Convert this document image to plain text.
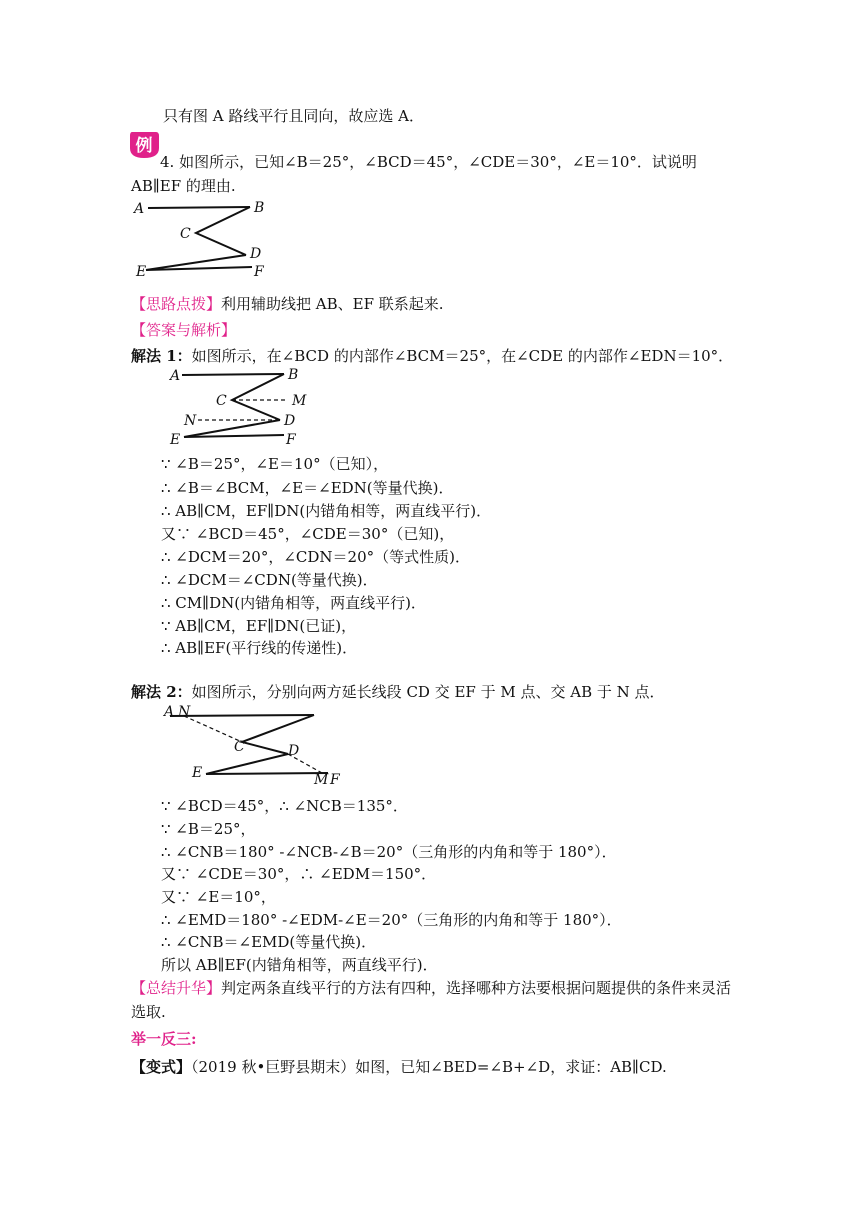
只有图 A 路线平行且同向，故应选 A．
例
4. 如图所示，已知∠B＝25°，∠BCD＝45°，∠CDE＝30°，∠E＝10°．试说明
AB∥EF 的理由.
A	B
C
D
E	F
【思路点拨】利用辅助线把 AB、EF 联系起来.
【答案与解析】
解法 1：如图所示，在∠BCD 的内部作∠BCM＝25°，在∠CDE 的内部作∠EDN＝10°．
A	B
C	M
N	D
E	F
∵ ∠B＝25°，∠E＝10°（已知），
∴ ∠B＝∠BCM，∠E＝∠EDN(等量代换)．
∴ AB∥CM，EF∥DN(内错角相等，两直线平行)．
又∵ ∠BCD＝45°，∠CDE＝30°（已知)，
∴ ∠DCM＝20°，∠CDN＝20°（等式性质)．
∴ ∠DCM＝∠CDN(等量代换)．
∴ CM∥DN(内错角相等，两直线平行)．
∵ AB∥CM，EF∥DN(已证)，
∴ AB∥EF(平行线的传递性)．
解法 2：如图所示，分别向两方延长线段 CD 交 EF 于 M 点、交 AB 于 N 点．
A N
C	D
E	M F
∵ ∠BCD＝45°，∴ ∠NCB＝135°．
∵ ∠B＝25°，
∴ ∠CNB＝180° -∠NCB-∠B＝20°（三角形的内角和等于 180°）．
又∵ ∠CDE＝30°，∴ ∠EDM＝150°．
又∵ ∠E＝10°，
∴ ∠EMD＝180° -∠EDM-∠E＝20°（三角形的内角和等于 180°）．
∴ ∠CNB＝∠EMD(等量代换)．
所以 AB∥EF(内错角相等，两直线平行)．
【总结升华】判定两条直线平行的方法有四种，选择哪种方法要根据问题提供的条件来灵活
选取.
举一反三:
【变式】（2019 秋•巨野县期末）如图，已知∠BED=∠B+∠D，求证：AB∥CD.
